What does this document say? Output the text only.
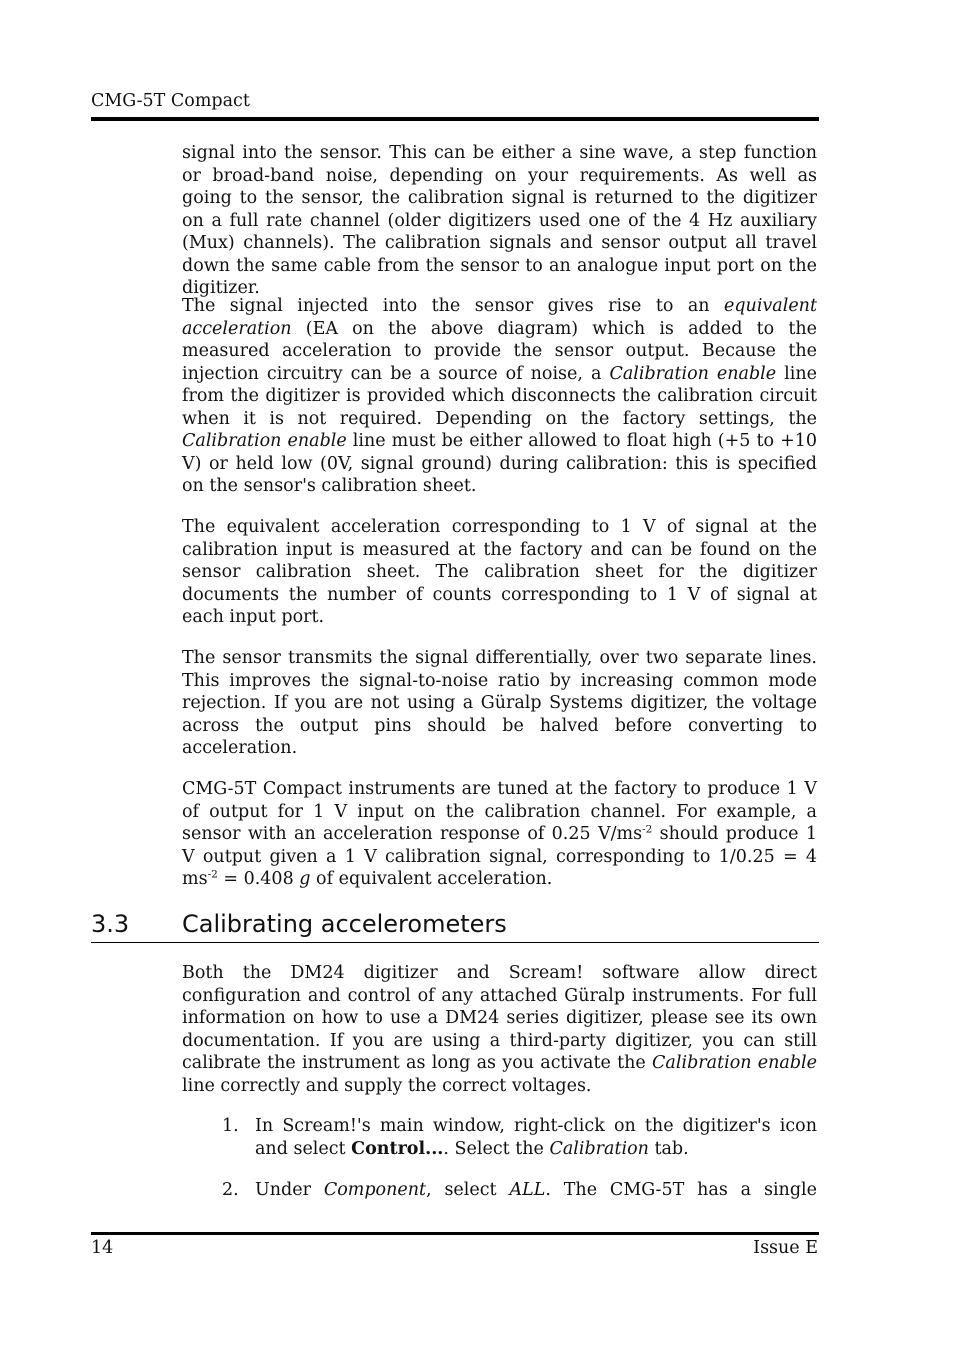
CMG-5T Compact

signal into the sensor. This can be either a sine wave, a step function or broad-band noise, depending on your requirements. As well as going to the sensor, the calibration signal is returned to the digitizer on a full rate channel (older digitizers used one of the 4 Hz auxiliary (Mux) channels). The calibration signals and sensor output all travel down the same cable from the sensor to an analogue input port on the digitizer.

The signal injected into the sensor gives rise to an equivalent acceleration (EA on the above diagram) which is added to the measured acceleration to provide the sensor output. Because the injection circuitry can be a source of noise, a Calibration enable line from the digitizer is provided which disconnects the calibration circuit when it is not required. Depending on the factory settings, the Calibration enable line must be either allowed to float high (+5 to +10 V) or held low (0V, signal ground) during calibration: this is specified on the sensor's calibration sheet.

The equivalent acceleration corresponding to 1 V of signal at the calibration input is measured at the factory and can be found on the sensor calibration sheet. The calibration sheet for the digitizer documents the number of counts corresponding to 1 V of signal at each input port.

The sensor transmits the signal differentially, over two separate lines. This improves the signal-to-noise ratio by increasing common mode rejection. If you are not using a Güralp Systems digitizer, the voltage across the output pins should be halved before converting to acceleration.

CMG-5T Compact instruments are tuned at the factory to produce 1 V of output for 1 V input on the calibration channel. For example, a sensor with an acceleration response of 0.25 $V/ms^{-2}$ should produce 1 V output given a 1 V calibration signal, corresponding to 1/0.25 = 4 $ms^{-2} = 0.408$ g of equivalent acceleration.

3.3 Calibrating accelerometers

Both the DM24 digitizer and Scream! software allow direct configuration and control of any attached Güralp instruments. For full information on how to use a DM24 series digitizer, please see its own documentation. If you are using a third-party digitizer, you can still calibrate the instrument as long as you activate the Calibration enable line correctly and supply the correct voltages.

1. In Scream!'s main window, right-click on the digitizer's icon and select Control.... Select the Calibration tab.

2. Under Component, select ALL. The CMG-5T has a single

14	Issue E
